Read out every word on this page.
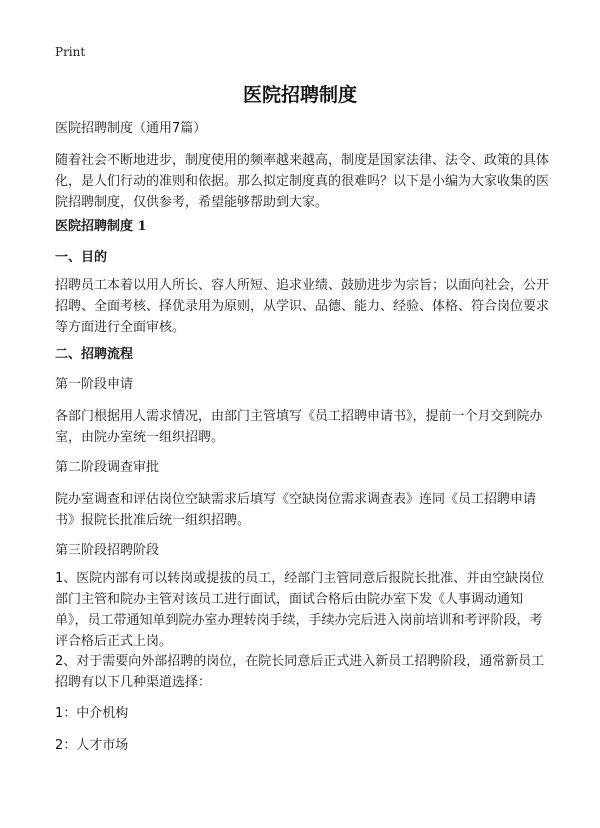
Print
医院招聘制度
医院招聘制度（通用7篇）
随着社会不断地进步，制度使用的频率越来越高，制度是国家法律、法令、政策的具体化，是人们行动的准则和依据。那么拟定制度真的很难吗？以下是小编为大家收集的医院招聘制度，仅供参考，希望能够帮助到大家。
医院招聘制度 1
一、目的
招聘员工本着以用人所长、容人所短、追求业绩、鼓励进步为宗旨；以面向社会，公开招聘、全面考核、择优录用为原则，从学识、品德、能力、经验、体格、符合岗位要求等方面进行全面审核。
二、招聘流程
第一阶段申请
各部门根据用人需求情况，由部门主管填写《员工招聘申请书》，提前一个月交到院办室，由院办室统一组织招聘。
第二阶段调查审批
院办室调查和评估岗位空缺需求后填写《空缺岗位需求调查表》连同《员工招聘申请书》报院长批准后统一组织招聘。
第三阶段招聘阶段
1、医院内部有可以转岗或提拔的员工，经部门主管同意后报院长批准、并由空缺岗位部门主管和院办主管对该员工进行面试，面试合格后由院办室下发《人事调动通知单》，员工带通知单到院办室办理转岗手续，手续办完后进入岗前培训和考评阶段，考评合格后正式上岗。
2、对于需要向外部招聘的岗位，在院长同意后正式进入新员工招聘阶段，通常新员工招聘有以下几种渠道选择：
1：中介机构
2：人才市场
